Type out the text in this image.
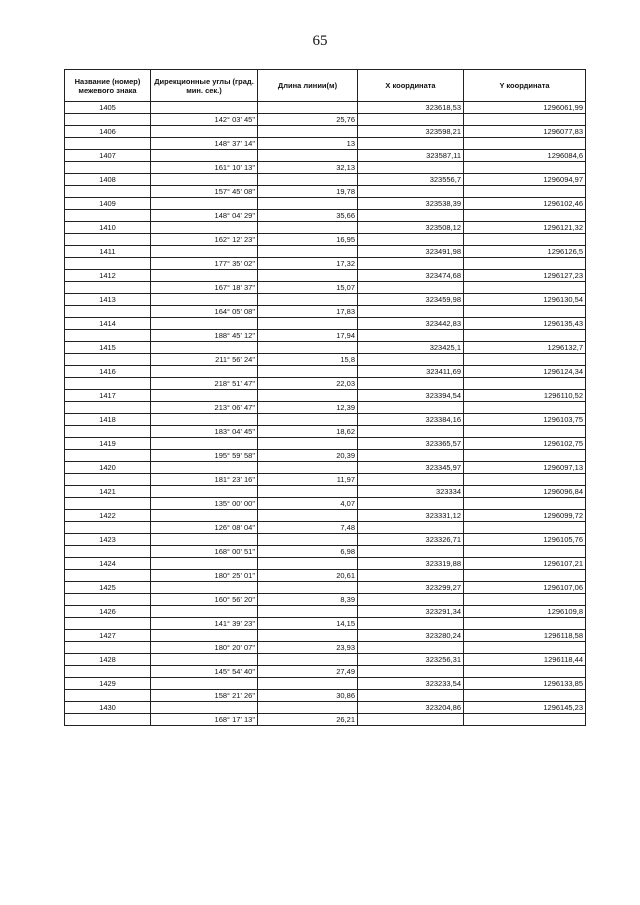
65
Название (номер) межевого знака	Дирекционные углы (град. мин. сек.)	Длина линии(м)	X координата	Y координата
1405			323618,53	1296061,99
	142° 03' 45"	25,76		
1406			323598,21	1296077,83
	148° 37' 14"	13		
1407			323587,11	1296084,6
	161° 10' 13"	32,13		
1408			323556,7	1296094,97
	157° 45' 08"	19,78		
1409			323538,39	1296102,46
	148° 04' 29"	35,66		
1410			323508,12	1296121,32
	162° 12' 23"	16,95		
1411			323491,98	1296126,5
	177° 35' 02"	17,32		
1412			323474,68	1296127,23
	167° 18' 37"	15,07		
1413			323459,98	1296130,54
	164° 05' 08"	17,83		
1414			323442,83	1296135,43
	188° 45' 12"	17,94		
1415			323425,1	1296132,7
	211° 56' 24"	15,8		
1416			323411,69	1296124,34
	218° 51' 47"	22,03		
1417			323394,54	1296110,52
	213° 06' 47"	12,39		
1418			323384,16	1296103,75
	183° 04' 45"	18,62		
1419			323365,57	1296102,75
	195° 59' 58"	20,39		
1420			323345,97	1296097,13
	181° 23' 16"	11,97		
1421			323334	1296096,84
	135° 00' 00"	4,07		
1422			323331,12	1296099,72
	126° 08' 04"	7,48		
1423			323326,71	1296105,76
	168° 00' 51"	6,98		
1424			323319,88	1296107,21
	180° 25' 01"	20,61		
1425			323299,27	1296107,06
	160° 56' 20"	8,39		
1426			323291,34	1296109,8
	141° 39' 23"	14,15		
1427			323280,24	1296118,58
	180° 20' 07"	23,93		
1428			323256,31	1296118,44
	145° 54' 40"	27,49		
1429			323233,54	1296133,85
	158° 21' 26"	30,86		
1430			323204,86	1296145,23
	168° 17' 13"	26,21		
